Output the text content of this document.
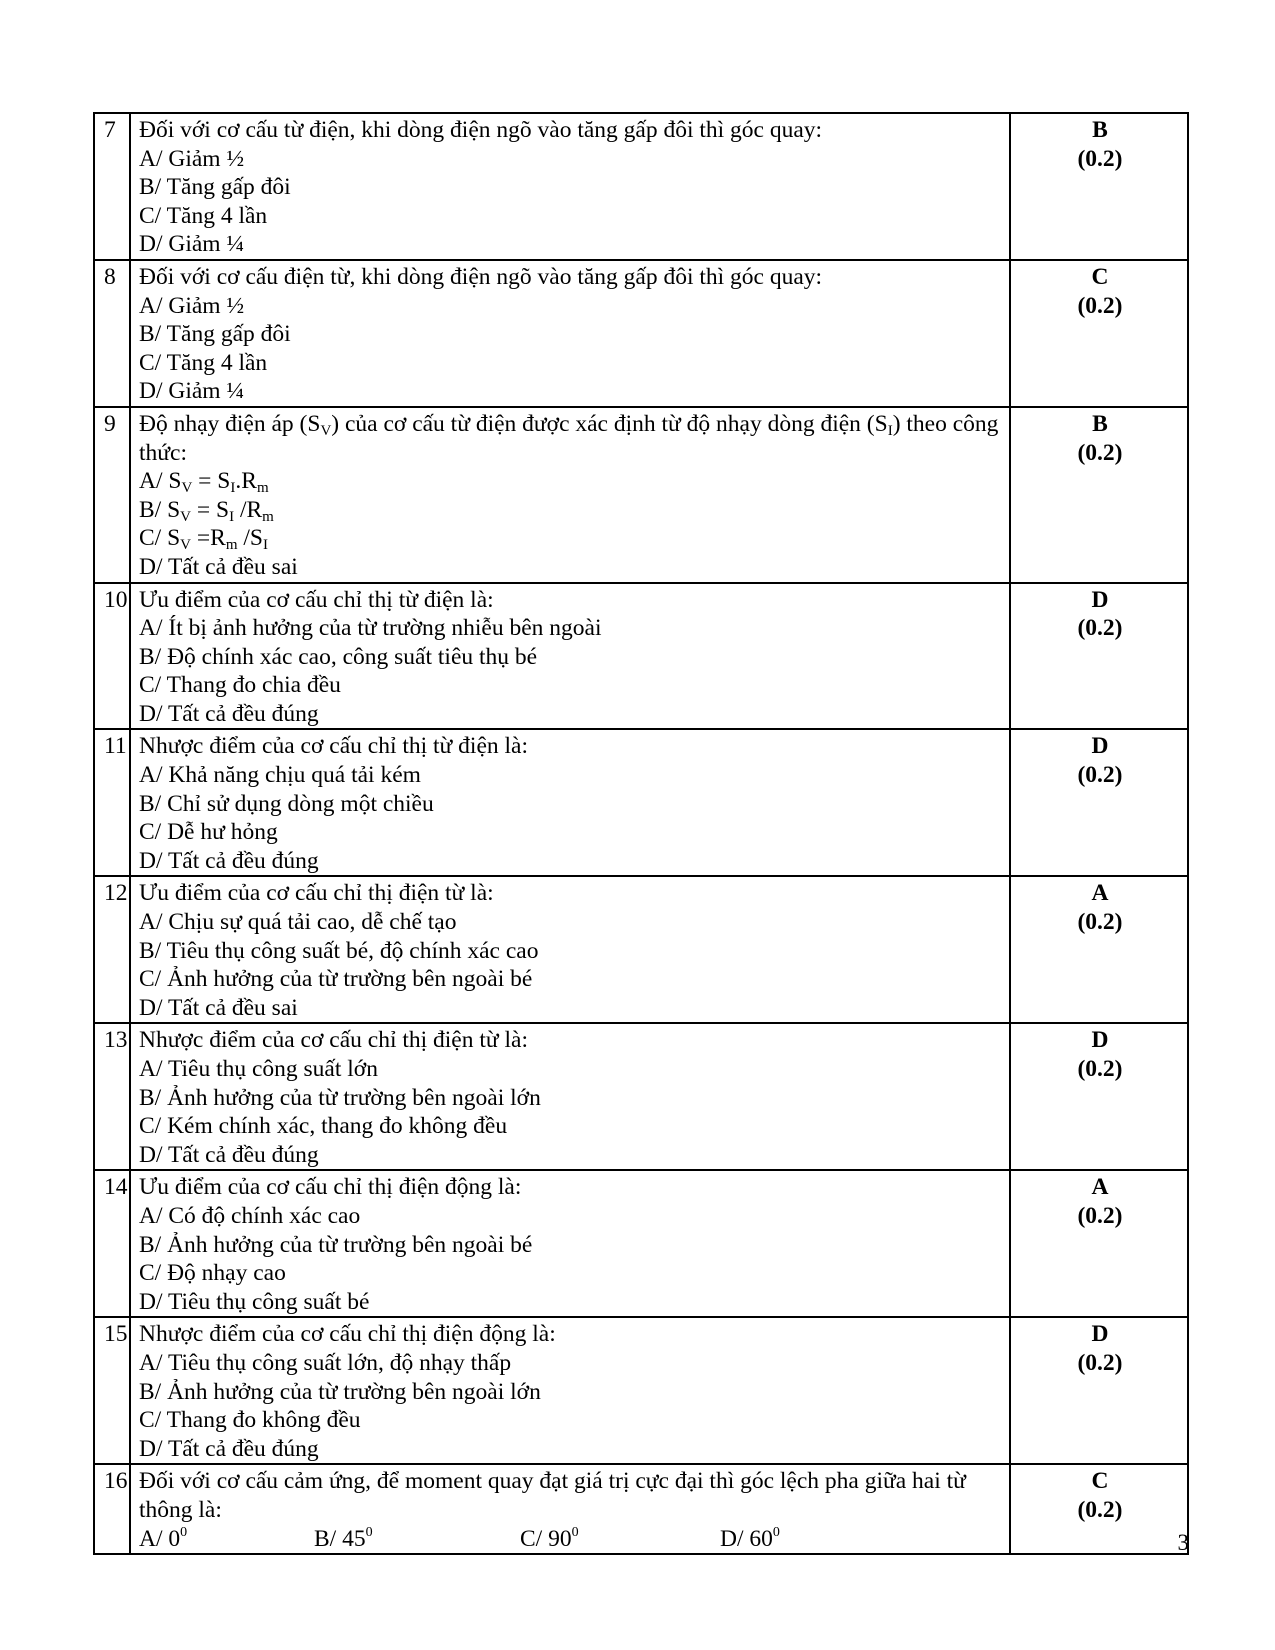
7	Đối với cơ cấu từ điện, khi dòng điện ngõ vào tăng gấp đôi thì góc quay:
A/ Giảm ½
B/ Tăng gấp đôi
C/ Tăng 4 lần
D/ Giảm ¼	B
(0.2)

8	Đối với cơ cấu điện từ, khi dòng điện ngõ vào tăng gấp đôi thì góc quay:
A/ Giảm ½
B/ Tăng gấp đôi
C/ Tăng 4 lần
D/ Giảm ¼	C
(0.2)

9	Độ nhạy điện áp $(S_V)$ của cơ cấu từ điện được xác định từ độ nhạy dòng điện $(S_I)$ theo công thức:
A/ $S_V = S_I.R_m$
B/ $S_V = S_I$ $/R_m$
C/ $S_V =R_m$ $/S_I$
D/ Tất cả đều sai	B
(0.2)

10	Ưu điểm của cơ cấu chỉ thị từ điện là:
A/ Ít bị ảnh hưởng của từ trường nhiễu bên ngoài
B/ Độ chính xác cao, công suất tiêu thụ bé
C/ Thang đo chia đều
D/ Tất cả đều đúng	D
(0.2)

11	Nhược điểm của cơ cấu chỉ thị từ điện là:
A/ Khả năng chịu quá tải kém
B/ Chỉ sử dụng dòng một chiều
C/ Dễ hư hỏng
D/ Tất cả đều đúng	D
(0.2)

12	Ưu điểm của cơ cấu chỉ thị điện từ là:
A/ Chịu sự quá tải cao, dễ chế tạo
B/ Tiêu thụ công suất bé, độ chính xác cao
C/ Ảnh hưởng của từ trường bên ngoài bé
D/ Tất cả đều sai	A
(0.2)

13	Nhược điểm của cơ cấu chỉ thị điện từ là:
A/ Tiêu thụ công suất lớn
B/ Ảnh hưởng của từ trường bên ngoài lớn
C/ Kém chính xác, thang đo không đều
D/ Tất cả đều đúng	D
(0.2)

14	Ưu điểm của cơ cấu chỉ thị điện động là:
A/ Có độ chính xác cao
B/ Ảnh hưởng của từ trường bên ngoài bé
C/ Độ nhạy cao
D/ Tiêu thụ công suất bé	A
(0.2)

15	Nhược điểm của cơ cấu chỉ thị điện động là:
A/ Tiêu thụ công suất lớn, độ nhạy thấp
B/ Ảnh hưởng của từ trường bên ngoài lớn
C/ Thang đo không đều
D/ Tất cả đều đúng	D
(0.2)

16	Đối với cơ cấu cảm ứng, để moment quay đạt giá trị cực đại thì góc lệch pha giữa hai từ thông là:
A/ $0^0$ B/ $45^0$ C/ $90^0$ D/ $60^0$	C
(0.2)
3
